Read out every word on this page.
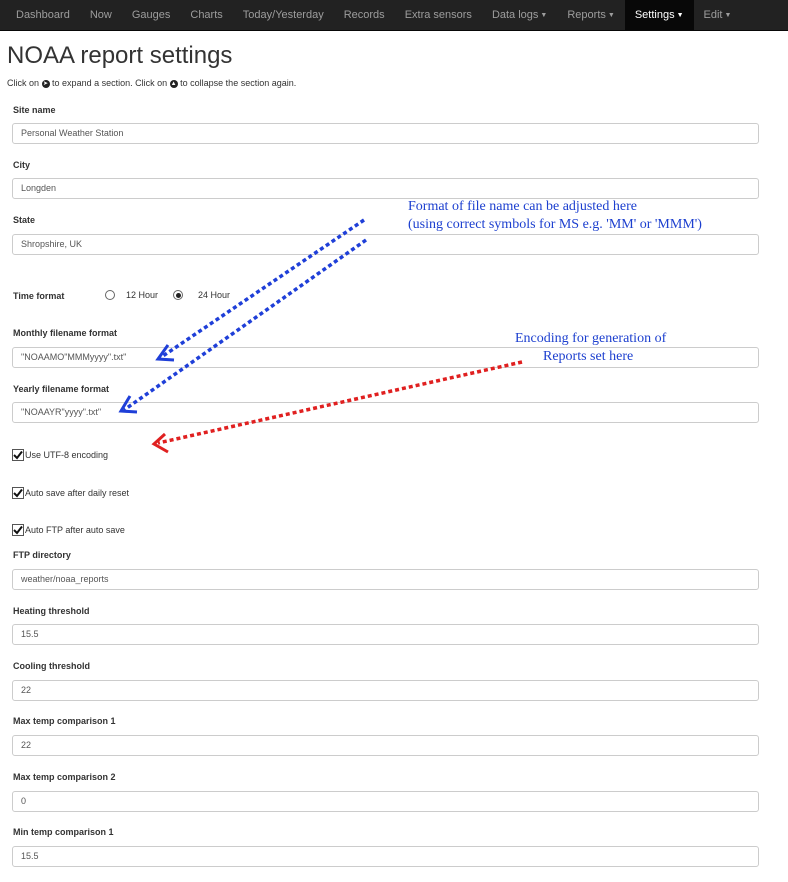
Dashboard	Now	Gauges	Charts	Today/Yesterday	Records	Extra sensors	Data logs ▼ Reports ▼ Settings ▼ Edit ▼
NOAA report settings
Click on ➤ to expand a section. Click on ▲ to collapse the section again.
Site name
Personal Weather Station
City
Longden
State
Shropshire, UK
Time format	12 Hour	24 Hour
Monthly filename format
"NOAAMO"MMMyyyy".txt"
Yearly filename format
"NOAAYR"yyyy".txt"
Use UTF-8 encoding
Auto save after daily reset
Auto FTP after auto save
FTP directory
weather/noaa_reports
Heating threshold
15.5
Cooling threshold
22
Max temp comparison 1
22
Max temp comparison 2
0
Min temp comparison 1
15.5
Format of file name can be adjusted here
(using correct symbols for MS e.g. 'MM' or 'MMM')
Encoding for generation of
Reports set here
